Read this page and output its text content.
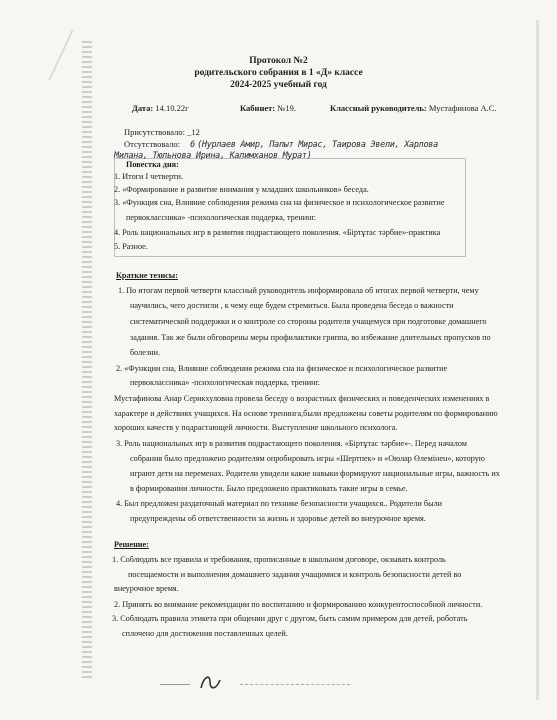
Протокол №2
родительского собрания в 1 «Д» классе
2024-2025 учебный год
Дата: 14.10.22г	Кабинет: №19.	Классный руководитель: Мустафинова А.С.
Присутствовало: _12
Отсутствовало: 6 (Нурлаев Амир, Папыт Мирас, Таирова Эвели, Харлова
Милана, Тюльнова Ирина, Калимханов Мурат)
Повестка дня:
1. Итоги I четверти.
2. «Формирование и развитие внимания у младших школьников» беседа.
3. «Функция сна, Влияние соблюдения режима сна на физическое и психологическое развитие
первоклассника» -психологическая поддерка, тренинг.
4. Роль национальных игр в развития подрастающего поколения. «Біртұтас тәрбие»-практика
5. Разное.
Краткие тезисы:
1. По итогам первой четверти классный руководитель информировала об итогах первой четверти, чему
научились, чего достигли , к чему еще будем стремиться. Была проведена беседа о важности
систематической поддержки и о контроле со стороны родителя учащемуся при подготовке домашнего
задания. Так же были обговорены меры профилактики гриппа, во избежание длительных пропусков по
болезни.
2. «Функции сна, Влияние соблюдения режима сна на физическое и психологическое развитие
первоклассника» -психологическая поддерка, тренинг.
Мустафинова Анар Серикхуловна провела беседу о возрастных физических и поведенческих изменениях в
характере и действиях учащихся. На основе тренинга,были предложены советы родителям по формированию
хороших качеств у подрастающей личности. Выступление школьного психолога.
3. Роль национальных игр в развития подрастающего поколения. «Біртұтас тәрбие»-. Перед началом
собрания было предложено родителям опробировать игры «Шертпек» и «Оюлар Өлемінен», которую
играют дети на переменах. Родители увидели какие навыки формируют национальные игры, важность их
в формировании личности. Было предложено практиковать такие игры в семье.
4. Был предложен раздаточный материал по технике безопасности учащихся.. Родители были
предупреждены об ответственности за жизнь и здоровье детей во внеурочное время.
Решение:
1. Соблюдать все правила и требования, прописанные в школьном договоре, окзывать контроль
посещаемости и выполнения домашнего задания учащимися и контроль безопасности детей во
внеурочное время.
2. Принять во внимание рекомендации по воспитанию и формированию конкурентоспособной личности.
3. Соблюдать правила этикета при общении друг с другом, быть самим примером для детей, роботать
сплочено для достижения поставленных целей.
